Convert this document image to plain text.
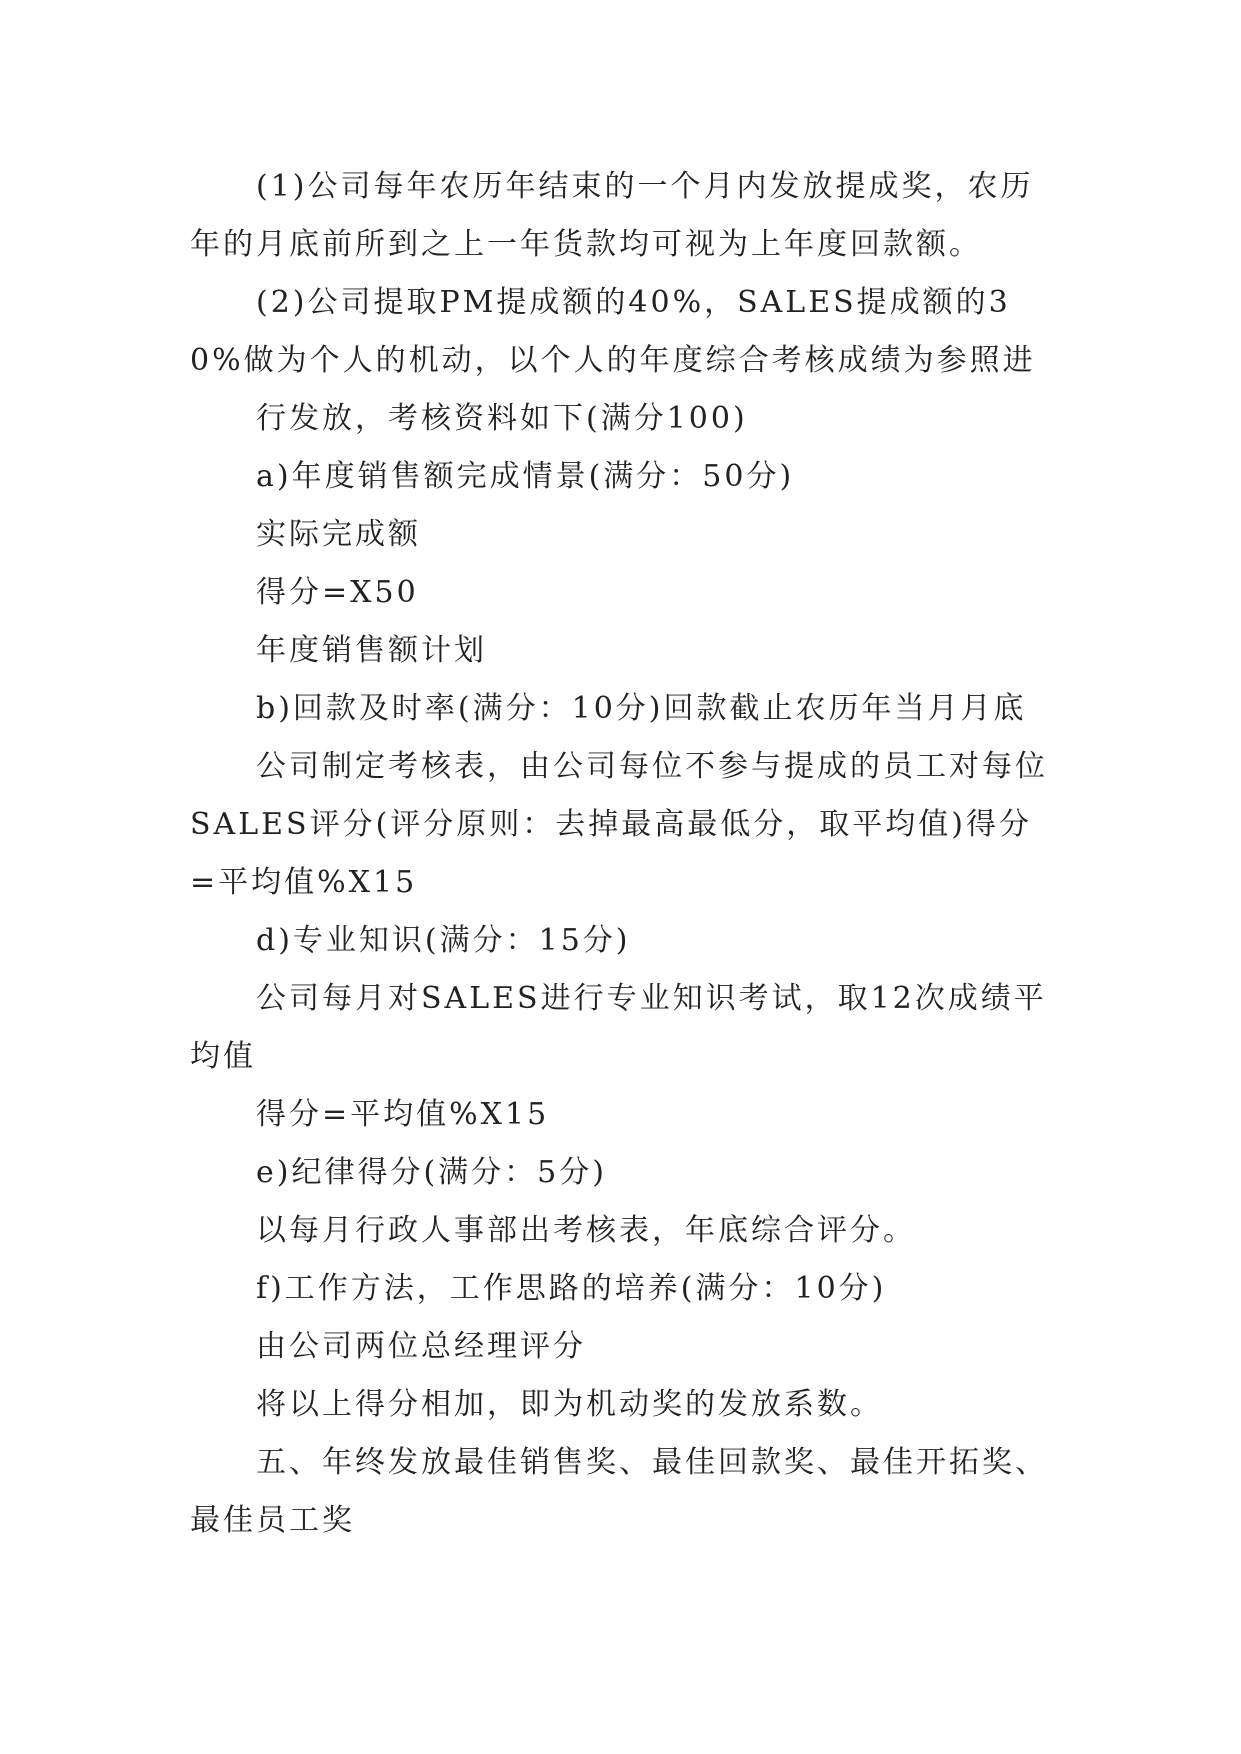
(1)公司每年农历年结束的一个月内发放提成奖，农历年的月底前所到之上一年货款均可视为上年度回款额。

(2)公司提取PM提成额的40%，SALES提成额的30%做为个人的机动，以个人的年度综合考核成绩为参照进

行发放，考核资料如下(满分100)

a)年度销售额完成情景(满分：50分)

实际完成额

得分=X50

年度销售额计划

b)回款及时率(满分：10分)回款截止农历年当月月底

公司制定考核表，由公司每位不参与提成的员工对每位SALES评分(评分原则：去掉最高最低分，取平均值)得分=平均值%X15

d)专业知识(满分：15分)

公司每月对SALES进行专业知识考试，取12次成绩平均值

得分=平均值%X15

e)纪律得分(满分：5分)

以每月行政人事部出考核表，年底综合评分。

f)工作方法，工作思路的培养(满分：10分)

由公司两位总经理评分

将以上得分相加，即为机动奖的发放系数。

五、年终发放最佳销售奖、最佳回款奖、最佳开拓奖、最佳员工奖
